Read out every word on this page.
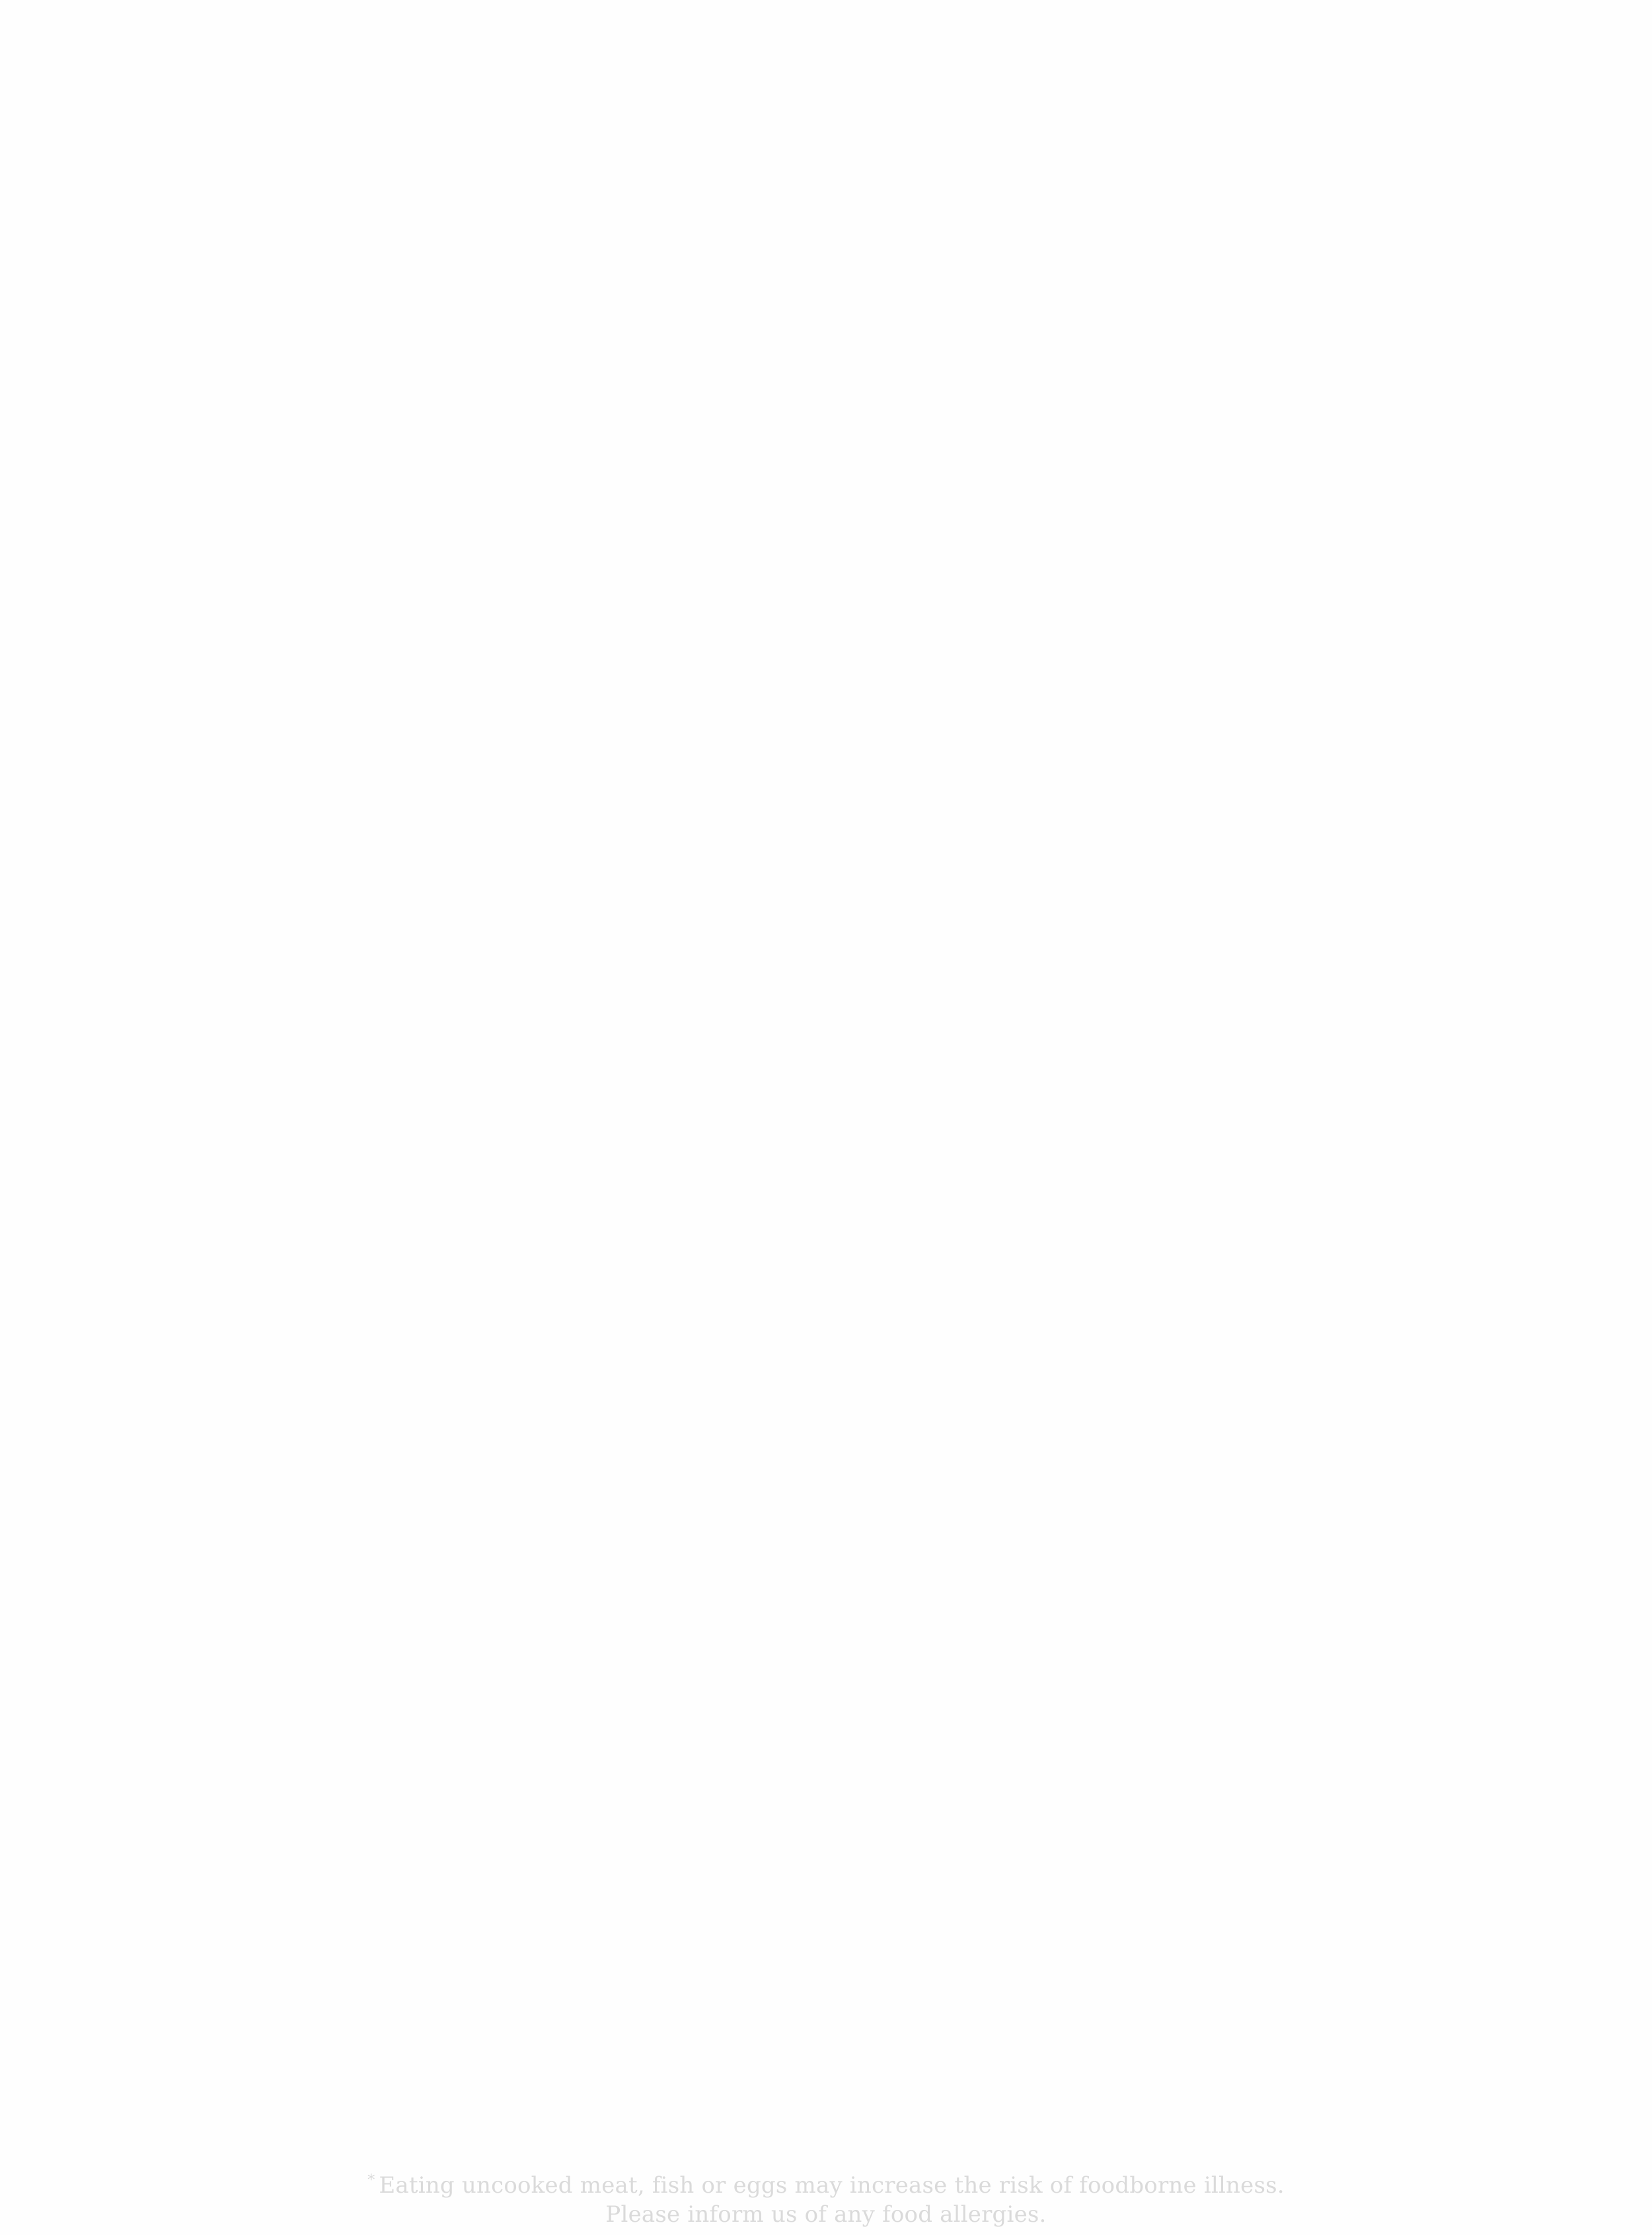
* Eating uncooked meat, fish or eggs may increase the risk of foodborne illness.
Please inform us of any food allergies.
